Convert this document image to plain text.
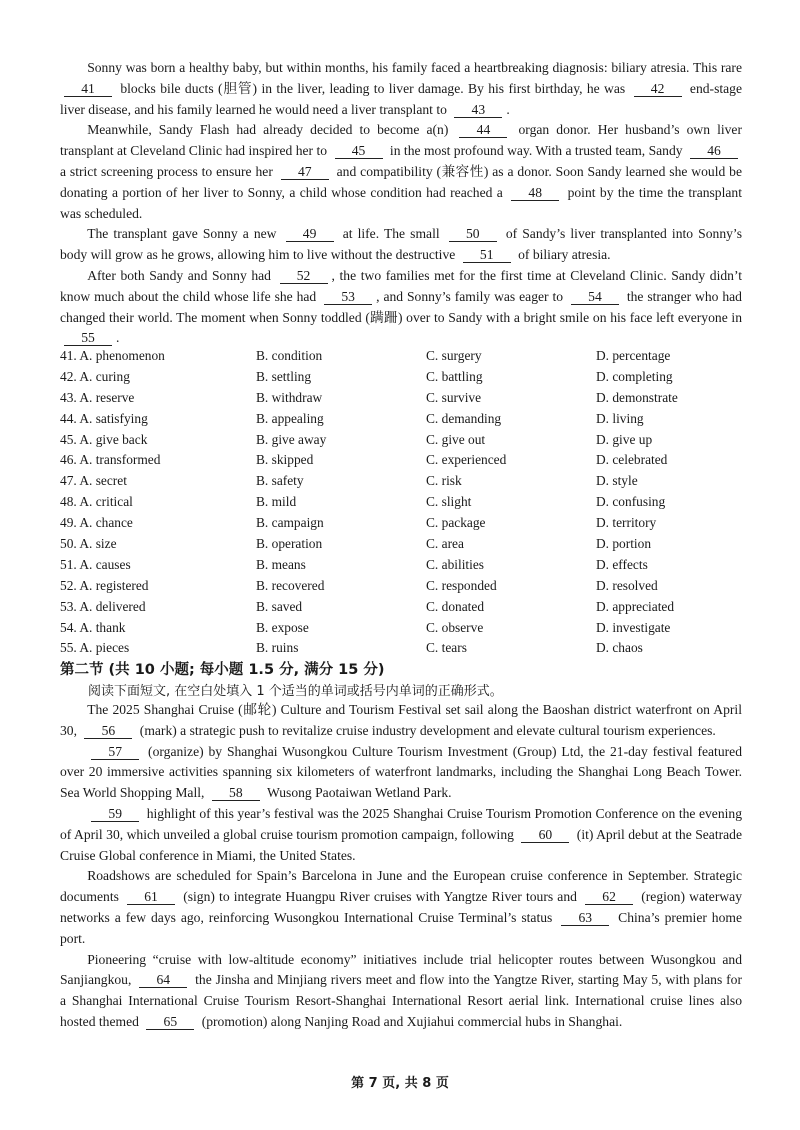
Sonny was born a healthy baby, but within months, his family faced a heartbreaking diagnosis: biliary atresia. This rare 41 blocks bile ducts (胆管) in the liver, leading to liver damage. By his first birthday, he was 42 end-stage liver disease, and his family learned he would need a liver transplant to 43 .

Meanwhile, Sandy Flash had already decided to become a(n) 44 organ donor. Her husband’s own liver transplant at Cleveland Clinic had inspired her to 45 in the most profound way. With a trusted team, Sandy 46 a strict screening process to ensure her 47 and compatibility (兼容性) as a donor. Soon Sandy learned she would be donating a portion of her liver to Sonny, a child whose condition had reached a 48 point by the time the transplant was scheduled.

The transplant gave Sonny a new 49 at life. The small 50 of Sandy’s liver transplanted into Sonny’s body will grow as he grows, allowing him to live without the destructive 51 of biliary atresia.

After both Sandy and Sonny had 52 , the two families met for the first time at Cleveland Clinic. Sandy didn’t know much about the child whose life she had 53 , and Sonny’s family was eager to 54 the stranger who had changed their world. The moment when Sonny toddled (蹒跚) over to Sandy with a bright smile on his face left everyone in 55 .

41. A. phenomenon	B. condition	C. surgery	D. percentage
42. A. curing	B. settling	C. battling	D. completing
43. A. reserve	B. withdraw	C. survive	D. demonstrate
44. A. satisfying	B. appealing	C. demanding	D. living
45. A. give back	B. give away	C. give out	D. give up
46. A. transformed	B. skipped	C. experienced	D. celebrated
47. A. secret	B. safety	C. risk	D. style
48. A. critical	B. mild	C. slight	D. confusing
49. A. chance	B. campaign	C. package	D. territory
50. A. size	B. operation	C. area	D. portion
51. A. causes	B. means	C. abilities	D. effects
52. A. registered	B. recovered	C. responded	D. resolved
53. A. delivered	B. saved	C. donated	D. appreciated
54. A. thank	B. expose	C. observe	D. investigate
55. A. pieces	B. ruins	C. tears	D. chaos
第二节 (共 10 小题; 每小题 1.5 分, 满分 15 分)
阅读下面短文, 在空白处填入 1 个适当的单词或括号内单词的正确形式。

The 2025 Shanghai Cruise (邮轮) Culture and Tourism Festival set sail along the Baoshan district waterfront on April 30, 56 (mark) a strategic push to revitalize cruise industry development and elevate cultural tourism experiences.

57 (organize) by Shanghai Wusongkou Culture Tourism Investment (Group) Ltd, the 21-day festival featured over 20 immersive activities spanning six kilometers of waterfront landmarks, including the Shanghai Long Beach Tower. Sea World Shopping Mall, 58 Wusong Paotaiwan Wetland Park.

59 highlight of this year’s festival was the 2025 Shanghai Cruise Tourism Promotion Conference on the evening of April 30, which unveiled a global cruise tourism promotion campaign, following 60 (it) April debut at the Seatrade Cruise Global conference in Miami, the United States.

Roadshows are scheduled for Spain’s Barcelona in June and the European cruise conference in September. Strategic documents 61 (sign) to integrate Huangpu River cruises with Yangtze River tours and 62 (region) waterway networks a few days ago, reinforcing Wusongkou International Cruise Terminal’s status 63 China’s premier home port.

Pioneering “cruise with low-altitude economy” initiatives include trial helicopter routes between Wusongkou and Sanjiangkou, 64 the Jinsha and Minjiang rivers meet and flow into the Yangtze River, starting May 5, with plans for a Shanghai International Cruise Tourism Resort-Shanghai International Resort aerial link. International cruise lines also hosted themed 65 (promotion) along Nanjing Road and Xujiahui commercial hubs in Shanghai.

第 7 页, 共 8 页
